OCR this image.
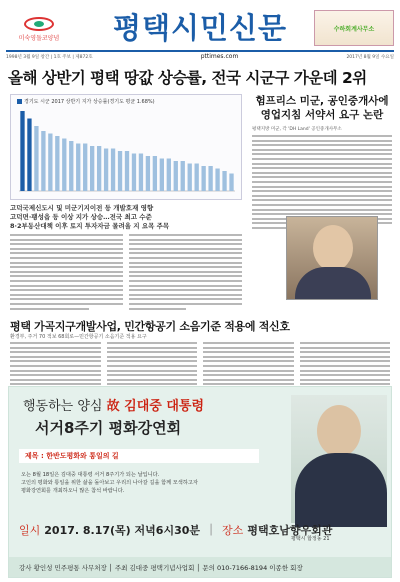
미숙영돌코양념	평택시민신문	수하회계사무소
1998년 3월 9일 창간 | 1호 주보 | 제872호	pttimes.com	2017년 8월 9일 수요일
올해 상반기 평택 땅값 상승률, 전국 시군구 가운데 2위
경기도 시군 2017 상반기 지가 상승률(경기도 평균 1.68%)	험프리스 미군, 공인중개사에 영업지침 서약서 요구 논란
평택지방 미군, 각 'DH Land' 공인중개사무소
고덕국제신도시 및 미군기지이전 등 개발호재 영향
고덕면·팽성읍 등 이상 지가 상승…전국 최고 수준
8·2부동산대책 이후 토지 투자자금 몰려올 지 요목 주목
평택 가곡지구개발사업, 민간항공기 소음기준 적용에 적신호
환경부, 주거 70 적보 68회로—민간항공기 소음기준 적용 요구
행동하는 양심 故 김대중 대통령
서거8주기 평화강연회
제목 : 한반도평화와 통일의 길
오는 8월 18일은 김대중 대통령 서거 8주기가 되는 날입니다.
고인의 평화와 통일을 위한 삶을 돌아보고 우리의 나아갈 길을 함께 모색하고자
평화강연회를 개최하오니 많은 참석 바랍니다.
일시 2017. 8.17(목) 저녁6시30분 │ 장소 평택호남향우회관
평택시 합정동 21
강사 황인성 민주평통 사무처장 │ 주최 김대중 평택기념사업회 │ 문의 010-7166-8194 이종한 회장
